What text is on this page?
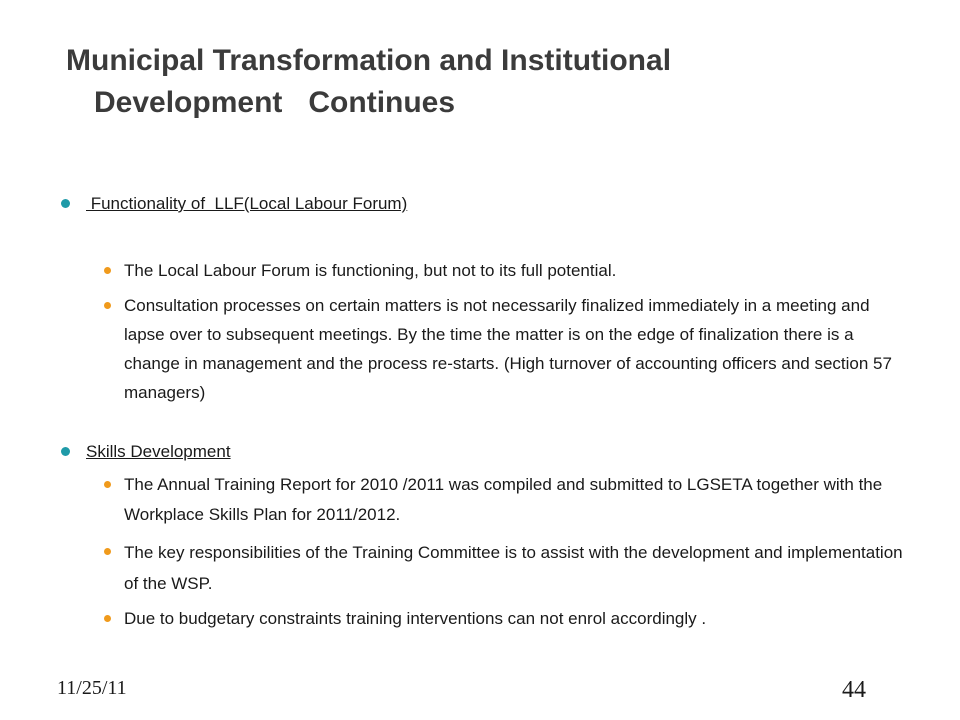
Municipal Transformation and Institutional

Development Continues
Functionality of  LLF(Local Labour Forum)
The Local Labour Forum is functioning, but not to its full potential.
Consultation processes on certain matters is not necessarily finalized immediately in a meeting and lapse over to subsequent meetings. By the time the matter is on the edge of finalization there is a change in management and the process re-starts. (High turnover of accounting officers and section 57 managers)
Skills Development
The Annual Training Report for 2010 /2011 was compiled and submitted to LGSETA together with the Workplace Skills Plan for 2011/2012.
The key responsibilities of the Training Committee is to assist with the development and implementation of the WSP.
Due to budgetary constraints training interventions can not enrol accordingly .
11/25/11	44
